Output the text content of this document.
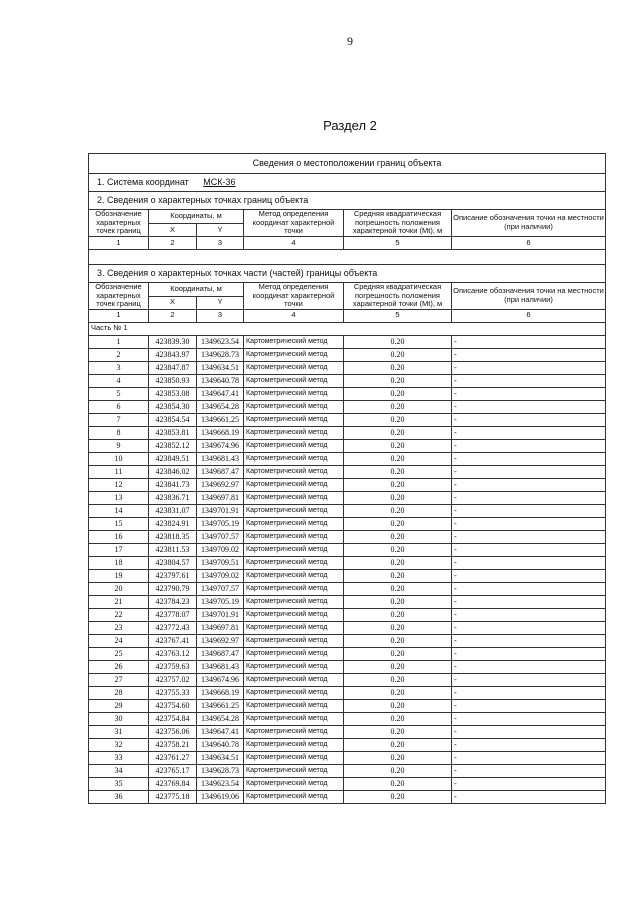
9
Раздел 2
Сведения о местоположении границ объекта					
1. Система координат МСК-36					
2. Сведения о характерных точках границ объекта					
Обозначение характерных точек границ	Координаты, м		Метод определения координат характерной точки	Средняя квадратическая погрешность положения характерной точки (Mt), м	Описание обозначения точки на местности (при наличии)
	X	Y			
1	2	3	4	5	6

3. Сведения о характерных точках части (частей) границы объекта					
Обозначение характерных точек границ	Координаты, м		Метод определения координат характерной точки	Средняя квадратическая погрешность положения характерной точки (Mt), м	Описание обозначения точки на местности (при наличии)
	X	Y			
1	2	3	4	5	6
Часть № 1					
1	423839.30	1349623.54	Картометрический метод	0.20	-
2	423843.97	1349628.73	Картометрический метод	0.20	-
3	423847.87	1349634.51	Картометрический метод	0.20	-
4	423850.93	1349640.78	Картометрический метод	0.20	-
5	423853.08	1349647.41	Картометрический метод	0.20	-
6	423854.30	1349654.28	Картометрический метод	0.20	-
7	423854.54	1349661.25	Картометрический метод	0.20	-
8	423853.81	1349668.19	Картометрический метод	0.20	-
9	423852.12	1349674.96	Картометрический метод	0.20	-
10	423849.51	1349681.43	Картометрический метод	0.20	-
11	423846.02	1349687.47	Картометрический метод	0.20	-
12	423841.73	1349692.97	Картометрический метод	0.20	-
13	423836.71	1349697.81	Картометрический метод	0.20	-
14	423831.07	1349701.91	Картометрический метод	0.20	-
15	423824.91	1349705.19	Картометрический метод	0.20	-
16	423818.35	1349707.57	Картометрический метод	0.20	-
17	423811.53	1349709.02	Картометрический метод	0.20	-
18	423804.57	1349709.51	Картометрический метод	0.20	-
19	423797.61	1349709.02	Картометрический метод	0.20	-
20	423790.79	1349707.57	Картометрический метод	0.20	-
21	423784.23	1349705.19	Картометрический метод	0.20	-
22	423778.07	1349701.91	Картометрический метод	0.20	-
23	423772.43	1349697.81	Картометрический метод	0.20	-
24	423767.41	1349692.97	Картометрический метод	0.20	-
25	423763.12	1349687.47	Картометрический метод	0.20	-
26	423759.63	1349681.43	Картометрический метод	0.20	-
27	423757.02	1349674.96	Картометрический метод	0.20	-
28	423755.33	1349668.19	Картометрический метод	0.20	-
29	423754.60	1349661.25	Картометрический метод	0.20	-
30	423754.84	1349654.28	Картометрический метод	0.20	-
31	423756.06	1349647.41	Картометрический метод	0.20	-
32	423758.21	1349640.78	Картометрический метод	0.20	-
33	423761.27	1349634.51	Картометрический метод	0.20	-
34	423765.17	1349628.73	Картометрический метод	0.20	-
35	423769.84	1349623.54	Картометрический метод	0.20	-
36	423775.18	1349619.06	Картометрический метод	0.20	-
